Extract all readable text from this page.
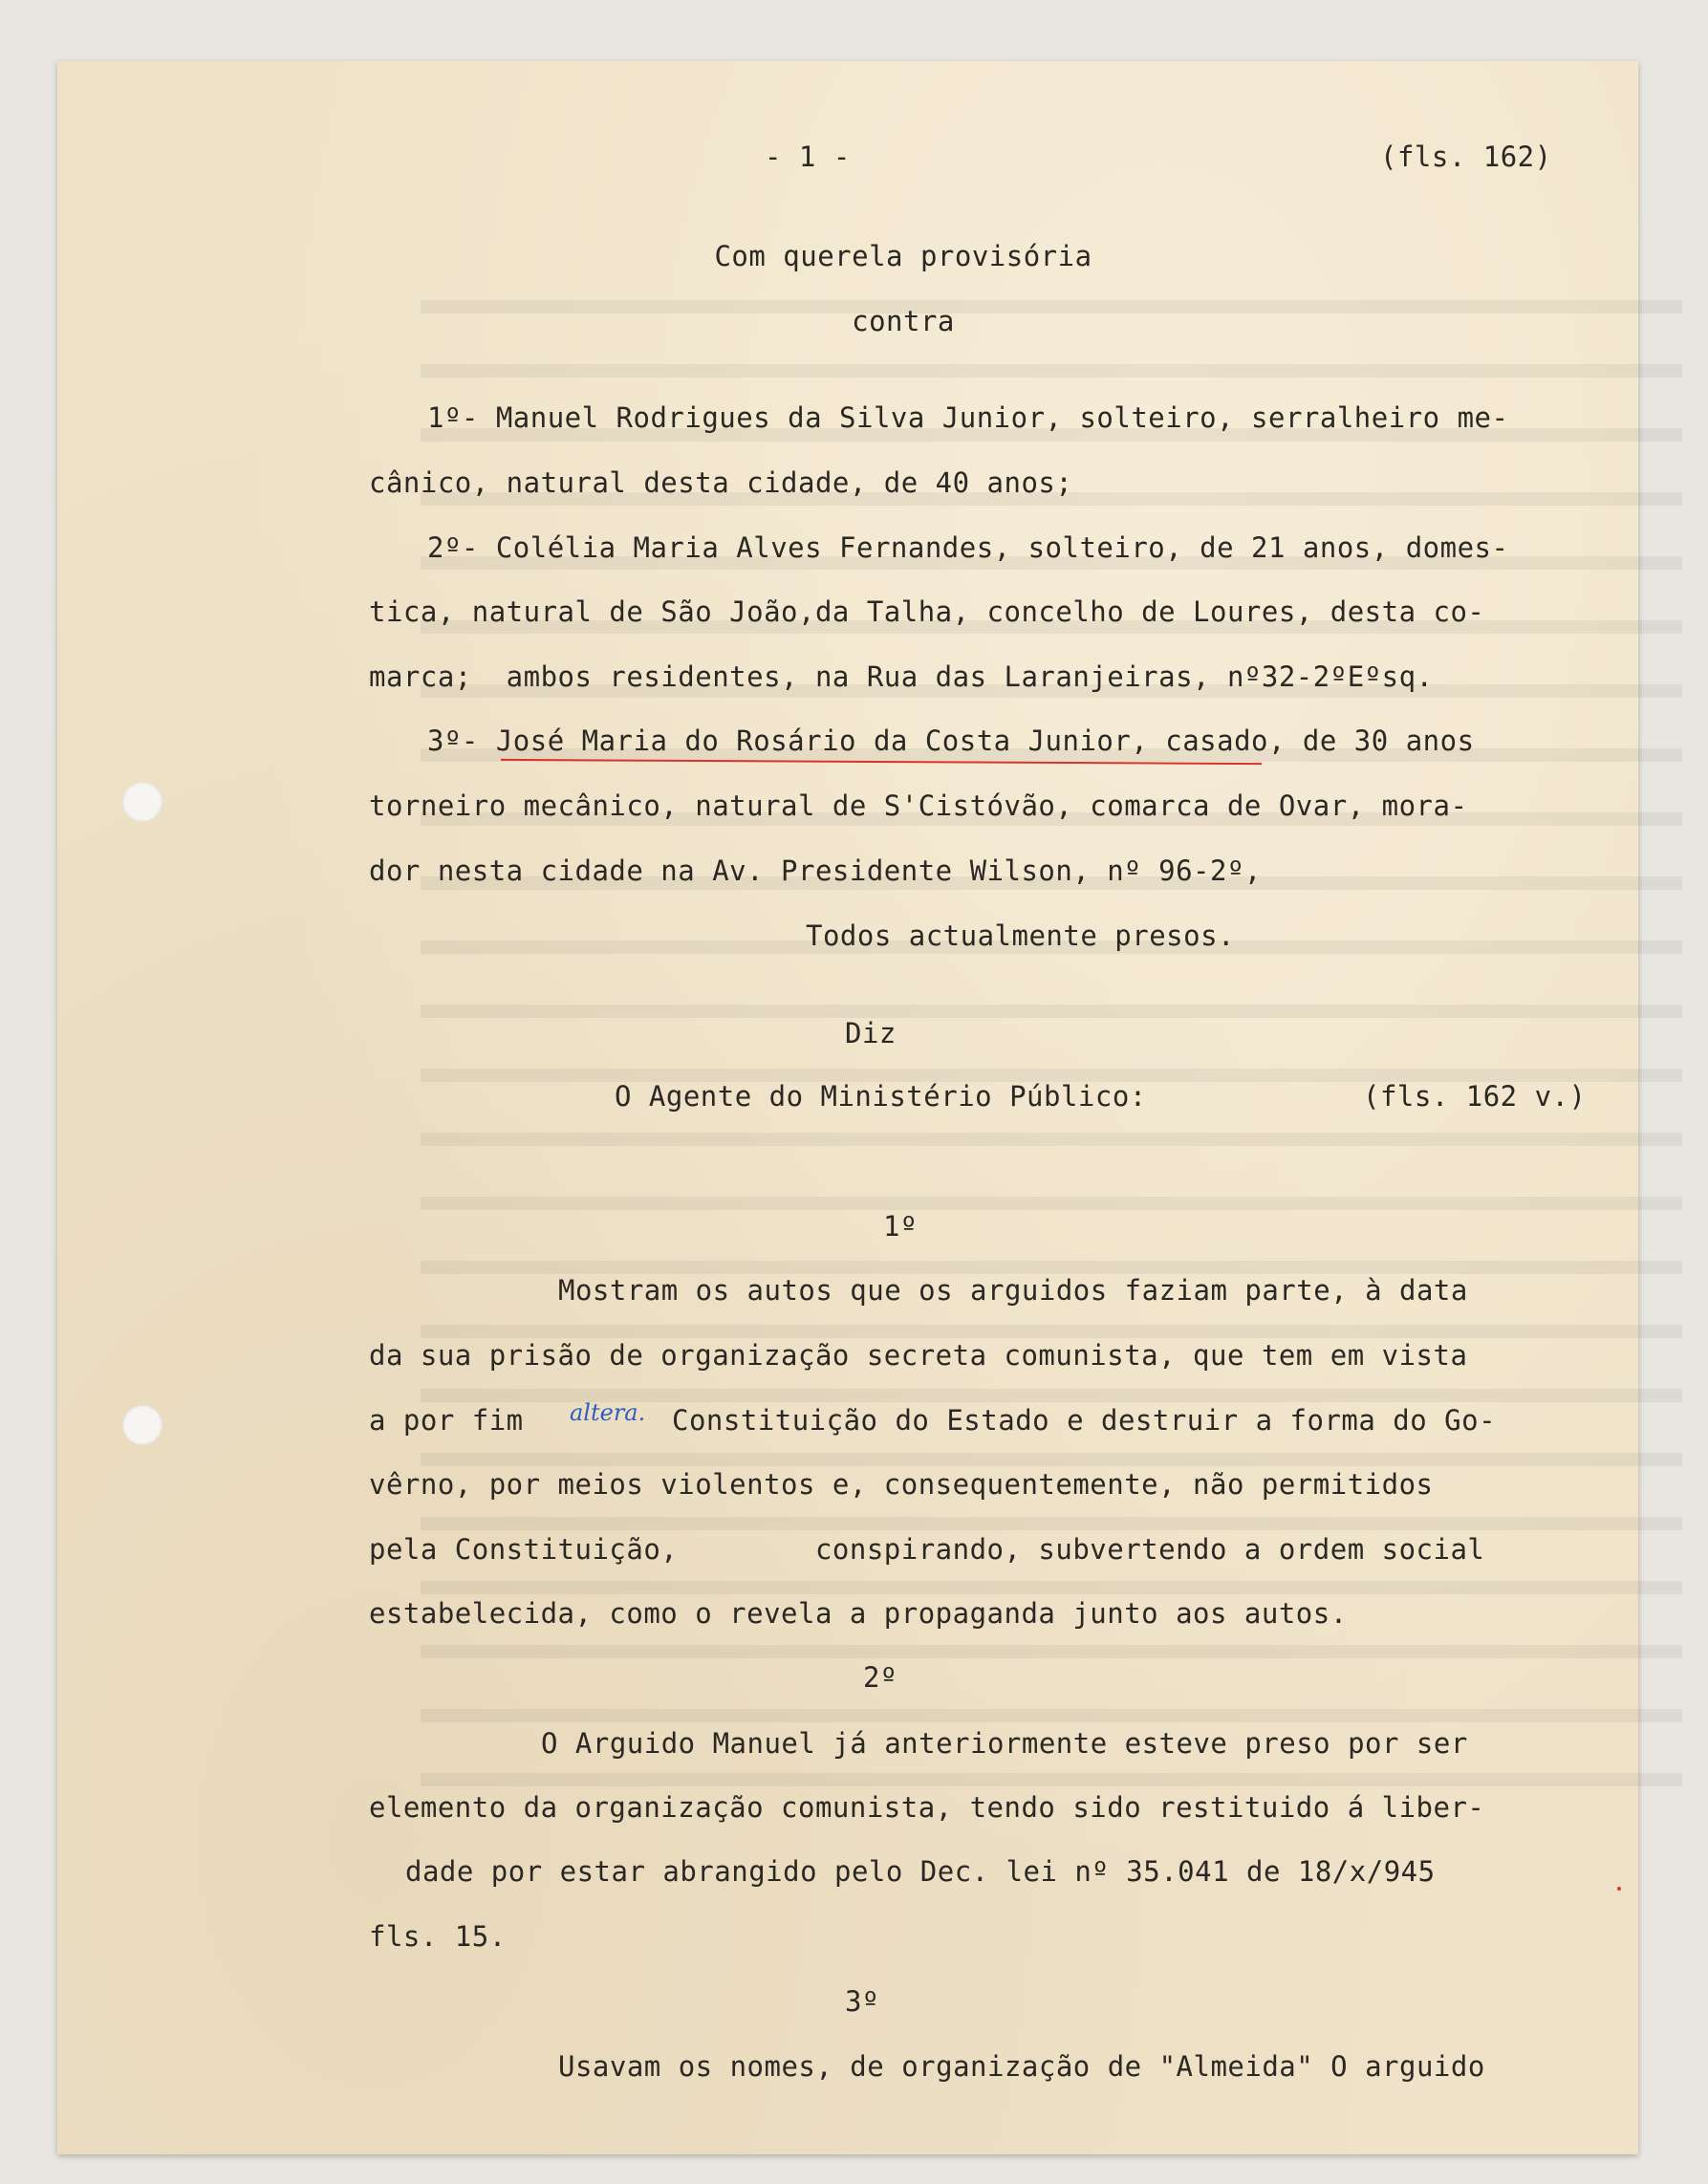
- 1 -	(fls. 162)
Com querela provisória
contra
1º- Manuel Rodrigues da Silva Junior, solteiro, serralheiro me-
cânico, natural desta cidade, de 40 anos;
2º- Colélia Maria Alves Fernandes, solteiro, de 21 anos, domes-
tica, natural de São João,da Talha, concelho de Loures, desta co-
marca;  ambos residentes, na Rua das Laranjeiras, nº32-2ºEºsq.
3º- José Maria do Rosário da Costa Junior, casado, de 30 anos
torneiro mecânico, natural de S'Cistóvão, comarca de Ovar, mora-
dor nesta cidade na Av. Presidente Wilson, nº 96-2º,
Todos actualmente presos.
Diz
O Agente do Ministério Público:	(fls. 162 v.)
1º
Mostram os autos que os arguidos faziam parte, à data
da sua prisão de organização secreta comunista, que tem em vista
a por fim altera. Constituição do Estado e destruir a forma do Go-
vêrno, por meios violentos e, consequentemente, não permitidos
pela Constituição,        conspirando, subvertendo a ordem social
estabelecida, como o revela a propaganda junto aos autos.
2º
O Arguido Manuel já anteriormente esteve preso por ser
elemento da organização comunista, tendo sido restituido á liber-
dade por estar abrangido pelo Dec. lei nº 35.041 de 18/x/945
fls. 15.
3º
Usavam os nomes, de organização de "Almeida" O arguido
